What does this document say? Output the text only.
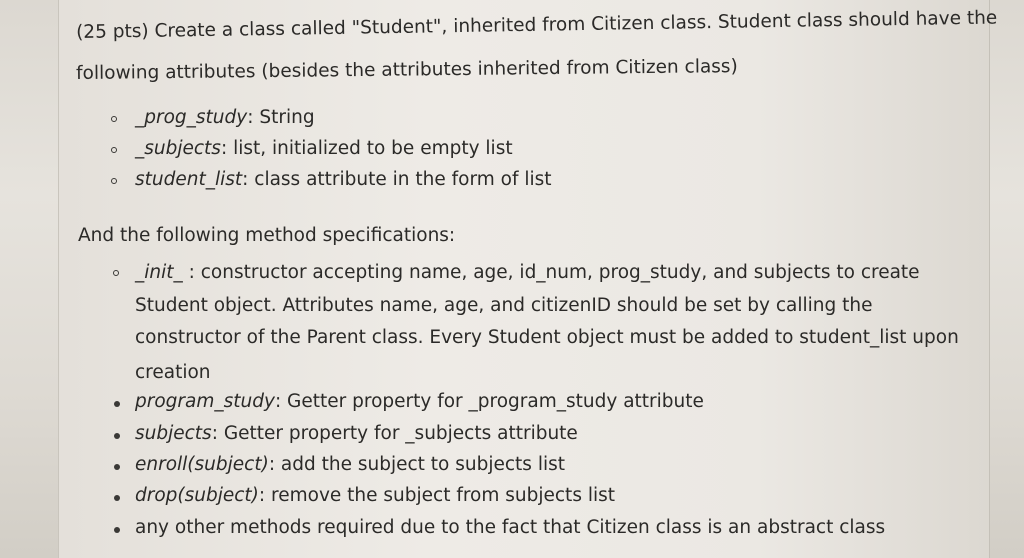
(25 pts) Create a class called "Student", inherited from Citizen class. Student class should have the
following attributes (besides the attributes inherited from Citizen class)
_prog_study: String
_subjects: list, initialized to be empty list
student_list: class attribute in the form of list
And the following method specifications:
_init_ : constructor accepting name, age, id_num, prog_study, and subjects to create
Student object. Attributes name, age, and citizenID should be set by calling the
constructor of the Parent class. Every Student object must be added to student_list upon
creation
program_study: Getter property for _program_study attribute
subjects: Getter property for _subjects attribute
enroll(subject): add the subject to subjects list
drop(subject): remove the subject from subjects list
any other methods required due to the fact that Citizen class is an abstract class
